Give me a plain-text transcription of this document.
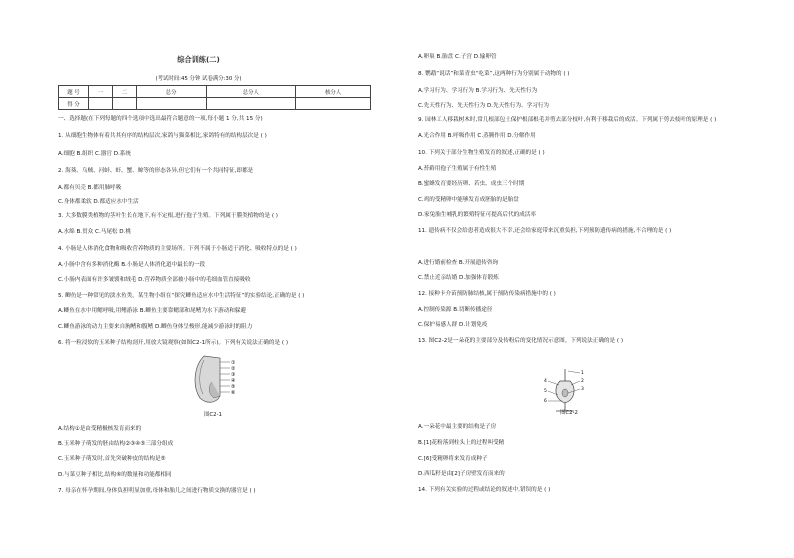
综合训练(二)
(考试时间:45 分钟 试卷满分:30 分)
题 号	一	二	总分	总分人	核分人
得 分					
一、选择题(在下列每题的四个选项中选出最符合题意的一项,每小题 1 分,共 15 分)
1. 从细胞生物体有着共其有序的结构层次,家鸽与猫菜相比,家鸽特有的结构层次是 ( )
A.细胞 B.组织 C.器官 D.系统
2. 海葵、乌贼、河蚌、虾、蟹、鲸等的形态各异,但它们有一个共同特征,即都是
A.都有贝壳 B.都用肺呼吸
C.身体都柔软 D.都适应水中生活
3. 大多数膜类植物的茎叶生长在地下,有不定根,进行孢子生殖。下列属于膜类植物的是 ( )
A.水绵 B.贯众 C.马尾松 D.桃
4. 小肠是人体消化食物和吸收营养物质的主要场所。下列不属于小肠适于消化、吸收特点的是 ( )
A.小肠中含有多种消化酶 B.小肠是人体消化道中最长的一段
C.小肠内表面有许多皱襞和绒毛 D.营养物质全部被小肠中的毛细血管直接吸收
5. 鲫鱼是一种常见的淡水鱼类。某生物小组在“探究鲫鱼适应水中生活特征”的实验结论,正确的是 ( )
A.鲫鱼在水中用鳃呼吸,用鳍游泳 B.鲫鱼主要靠鳃部和尾鳍为水下游动和躲避
C.鲫鱼游泳的动力主要来自胸鳍和腹鳍 D.鲫鱼身体呈梭形,能减少游泳时的阻力
6. 将一粒浸软的玉米种子结构剖开,用放大镜观察(如图C2-1所示)。下列有关说法正确的是 ( )
①
②
③
④
⑤
⑥
图C2-1
A.结构①是由受精极核发育而来的
B.玉米种子萌发的胚由结构②③④⑤三部分组成
C.玉米种子萌发时,首先突破种皮的结构是⑤
D.与菜豆种子相比,结构⑥的数量和功能都相同
7. 母亲在怀孕期间,身体负担明显加重,母体和胎儿之间进行物质交换的器官是 ( )
A.卵巢 B.胎盘 C.子宫 D.输卵管
8. 鹦鹉“说话”和菜青虫“吃菜”,这两种行为分别属于动物的 ( )
A.学习行为、学习行为 B.学习行为、先天性行为
C.先天性行为、先天性行为 D.先天性行为、学习行为
9. 园林工人移栽树木时,常几根部包土保护根部根毛并剪去部分枝叶,有利于移栽后的成活。下列属于剪去枝叶的原理是 ( )
A.光合作用 B.呼吸作用 C.蒸腾作用 D.分解作用
10. 下列关于部分生物生殖发育的叙述,正确的是 ( )
A.苔藓用孢子生殖属于有性生殖
B.蜜蜂发育要经历卵、若虫、成虫三个时期
C.鸡的受精卵中能够发育成胚胎的是胎盘
D.家兔胎生哺乳的繁殖特征可提高后代的成活率
11. 遗传病不仅会给患者造成很大不幸,还会给家庭带来沉重负担,下列预防遗传病的措施,不合理的是 ( )
A.进行婚前检查 B.开展遗传咨询
C.禁止近亲结婚 D.加强体育锻炼
12. 接种卡介苗预防肺结核,属于预防传染病措施中的 ( )
A.控制传染源 B.切断传播途径
C.保护易感人群 D.计划免疫
13. 图C2-2是一朵花的主要部分及传粉后的变化情况示意图。下列说法正确的是 ( )
1
2
3
4
5
6
图C2-2
A.一朵花中最主要的结构是子房
B.[1]花粉落到柱头上的过程叫受精
C.[6]受精卵将来发育成种子
D.西瓜籽是由[2]子房壁发育而来的
14. 下列有关实验的过程或结论的叙述中,错误的是 ( )
